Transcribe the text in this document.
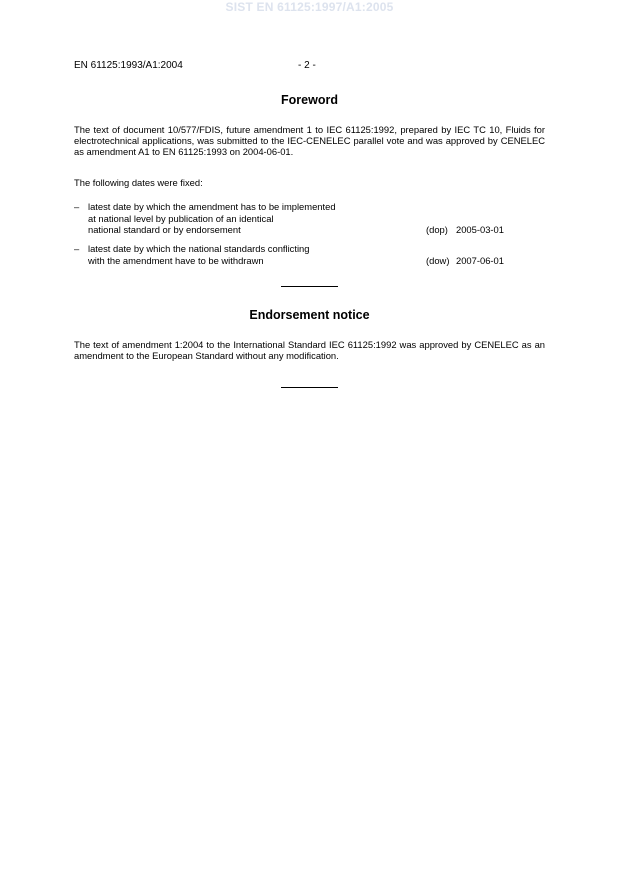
SIST EN 61125:1997/A1:2005
EN 61125:1993/A1:2004	- 2 -
Foreword
The text of document 10/577/FDIS, future amendment 1 to IEC 61125:1992, prepared by IEC TC 10, Fluids for electrotechnical applications, was submitted to the IEC-CENELEC parallel vote and was approved by CENELEC as amendment A1 to EN 61125:1993 on 2004-06-01.
The following dates were fixed:
– latest date by which the amendment has to be implemented
at national level by publication of an identical
national standard or by endorsement	(dop) 2005-03-01
– latest date by which the national standards conflicting
with the amendment have to be withdrawn	(dow) 2007-06-01
Endorsement notice
The text of amendment 1:2004 to the International Standard IEC 61125:1992 was approved by CENELEC as an amendment to the European Standard without any modification.
